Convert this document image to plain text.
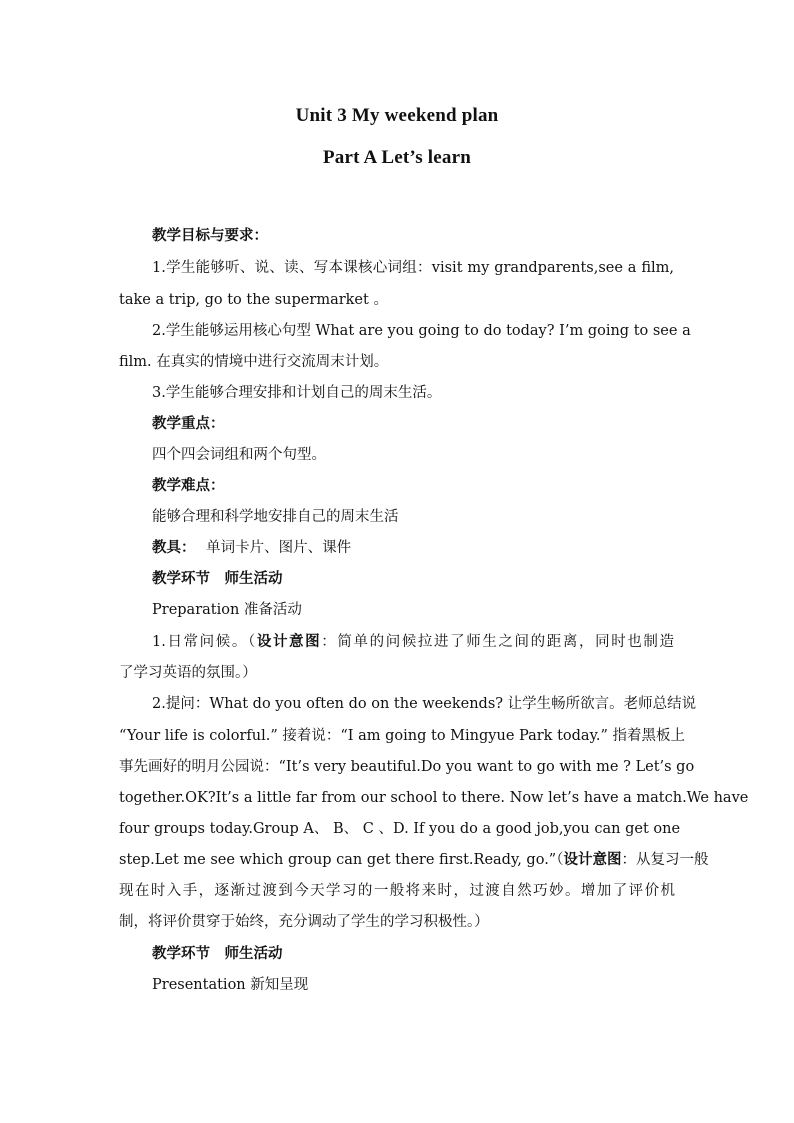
Unit 3 My weekend plan
Part A Let’s learn
教学目标与要求：
1.学生能够听、说、读、写本课核心词组：visit my grandparents,see a film,
take a trip, go to the supermarket 。
2.学生能够运用核心句型 What are you going to do today? I’m going to see a
film. 在真实的情境中进行交流周末计划。
3.学生能够合理安排和计划自己的周末生活。
教学重点：
四个四会词组和两个句型。
教学难点：
能够合理和科学地安排自己的周末生活
教具： 单词卡片、图片、课件
教学环节　师生活动
Preparation 准备活动
1.日常问候。（设计意图：简单的问候拉进了师生之间的距离，同时也制造
了学习英语的氛围。）
2.提问：What do you often do on the weekends? 让学生畅所欲言。老师总结说
“Your life is colorful.” 接着说：“I am going to Mingyue Park today.” 指着黑板上
事先画好的明月公园说：“It’s very beautiful.Do you want to go with me ? Let’s go
together.OK?It’s a little far from our school to there. Now let’s have a match.We have
four groups today.Group A、 B、 C 、D. If you do a good job,you can get one
step.Let me see which group can get there first.Ready, go.”（设计意图：从复习一般
现在时入手，逐渐过渡到今天学习的一般将来时，过渡自然巧妙。增加了评价机
制，将评价贯穿于始终，充分调动了学生的学习积极性。）
教学环节　师生活动
Presentation 新知呈现
